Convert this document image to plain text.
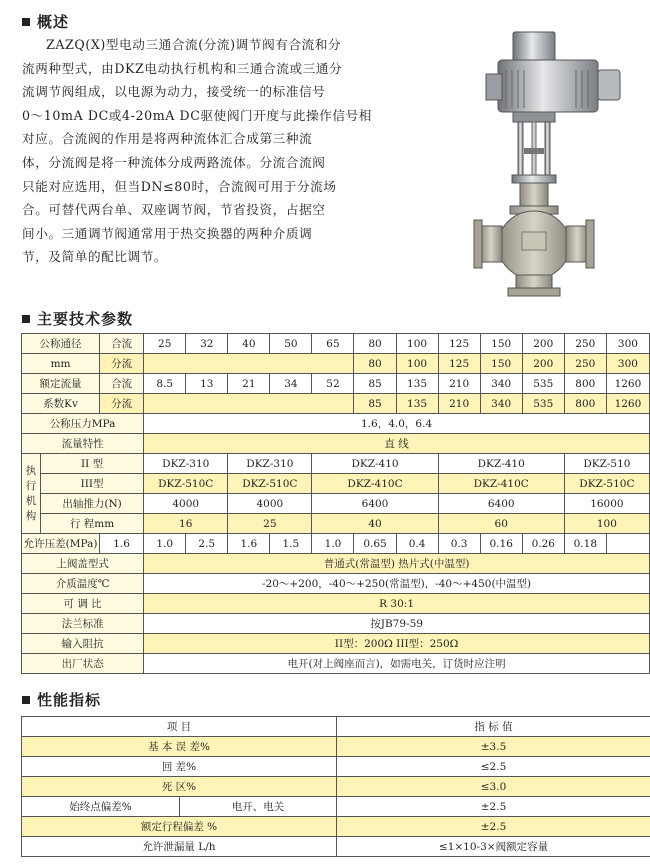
概述
ZAZQ(X)型电动三通合流(分流)调节阀有合流和分
流两种型式，由DKZ电动执行机构和三通合流或三通分
流调节阀组成，以电源为动力，接受统一的标准信号
0～10mA DC或4-20mA DC驱使阀门开度与此操作信号相
对应。合流阀的作用是将两种流体汇合成第三种流
体，分流阀是将一种流体分成两路流体。分流合流阀
只能对应选用，但当DN≤80时，合流阀可用于分流场
合。可替代两台单、双座调节阀，节省投资，占据空
间小。三通调节阀通常用于热交换器的两种介质调
节，及简单的配比调节。
主要技术参数
公称通径		合流	25	32	40	50	65	80	100	125	150	200	250	300
mm		分流						80	100	125	150	200	250	300
额定流量		合流	8.5	13	21	34	52	85	135	210	340	535	800	1260
系数Kv		分流						85	135	210	340	535	800	1260
公称压力MPa			1.6，4.0，6.4											
流量特性			直 线											
执行机构	II 型		DKZ-310		DKZ-310		DKZ-410			DKZ-410			DKZ-510	
	III型		DKZ-510C		DKZ-510C		DKZ-410C			DKZ-410C			DKZ-510C	
	出轴推力(N)		4000		4000		6400			6400			16000	
	行 程mm		16		25		40			60			100	
允许压差(MPa)		1.6	1.0	2.5	1.6	1.5	1.0	0.65	0.4	0.3	0.16	0.26	0.18	
上阀盖型式			普通式(常温型) 热片式(中温型)											
介质温度℃			-20～+200，-40～+250(常温型)，-40～+450(中温型)											
可 调 比			R 30:1											
法兰标准			按JB79-59											
输入阻抗			II型：200Ω III型：250Ω											
出厂状态			电开(对上阀座而言)，如需电关，订货时应注明											
性能指标
项 目		指 标 值
基 本 误 差%		±3.5
回 差%		≤2.5
死 区%		≤3.0
始终点偏差%	电开、电关	±2.5
额定行程偏差 %		±2.5
允许泄漏量 L/h		≤1×10-3×阀额定容量
